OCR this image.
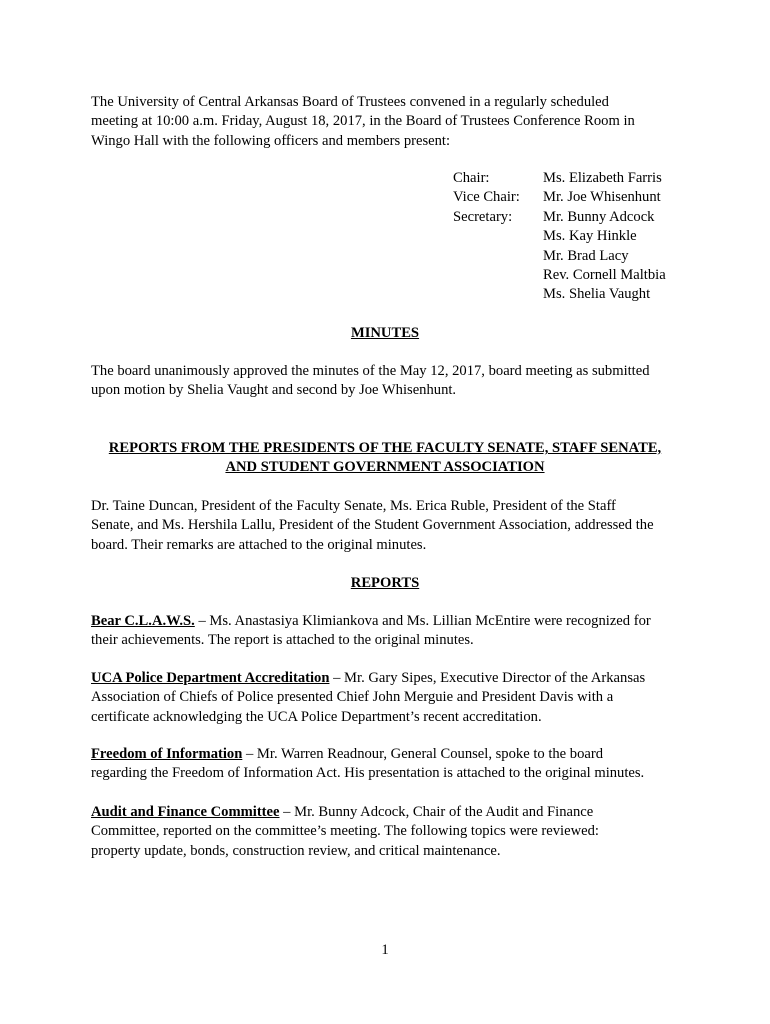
The University of Central Arkansas Board of Trustees convened in a regularly scheduled

meeting at 10:00 a.m. Friday, August 18, 2017, in the Board of Trustees Conference Room in

Wingo Hall with the following officers and members present:

Chair:	Ms. Elizabeth Farris
Vice Chair:	Mr. Joe Whisenhunt
Secretary:	Mr. Bunny Adcock
Ms. Kay Hinkle
Mr. Brad Lacy
Rev. Cornell Maltbia
Ms. Shelia Vaught
MINUTES

The board unanimously approved the minutes of the May 12, 2017, board meeting as submitted

upon motion by Shelia Vaught and second by Joe Whisenhunt.

REPORTS FROM THE PRESIDENTS OF THE FACULTY SENATE, STAFF SENATE,
AND STUDENT GOVERNMENT ASSOCIATION

Dr. Taine Duncan, President of the Faculty Senate, Ms. Erica Ruble, President of the Staff

Senate, and Ms. Hershila Lallu, President of the Student Government Association, addressed the

board. Their remarks are attached to the original minutes.

REPORTS

Bear C.L.A.W.S. – Ms. Anastasiya Klimiankova and Ms. Lillian McEntire were recognized for

their achievements. The report is attached to the original minutes.

UCA Police Department Accreditation – Mr. Gary Sipes, Executive Director of the Arkansas

Association of Chiefs of Police presented Chief John Merguie and President Davis with a

certificate acknowledging the UCA Police Department’s recent accreditation.

Freedom of Information – Mr. Warren Readnour, General Counsel, spoke to the board

regarding the Freedom of Information Act. His presentation is attached to the original minutes.

Audit and Finance Committee – Mr. Bunny Adcock, Chair of the Audit and Finance

Committee, reported on the committee’s meeting. The following topics were reviewed:

property update, bonds, construction review, and critical maintenance.

1
